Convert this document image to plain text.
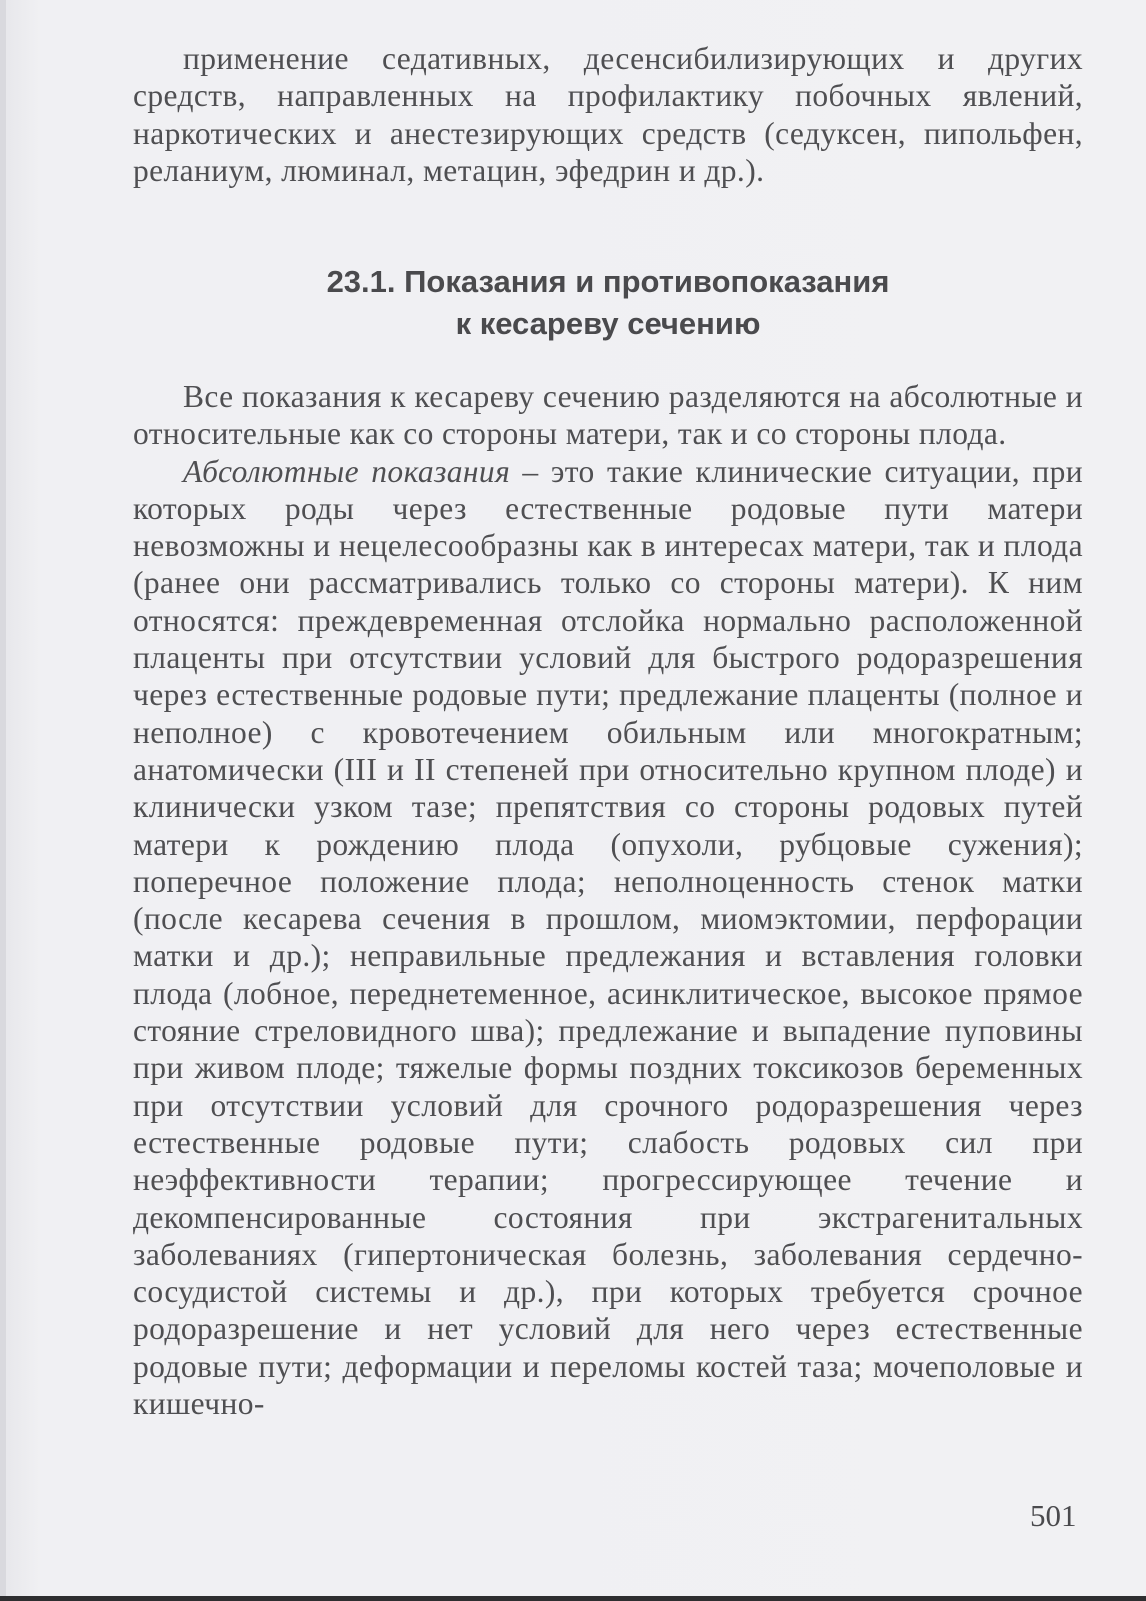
применение седативных, десенсибилизирующих и других средств, направленных на профилактику побочных явлений, наркотических и анестезирующих средств (седуксен, пипольфен, реланиум, люминал, метацин, эфедрин и др.).

23.1. Показания и противопоказания
к кесареву сечению

Все показания к кесареву сечению разделяются на абсолютные и относительные как со стороны матери, так и со стороны плода.

Абсолютные показания – это такие клинические ситуации, при которых роды через естественные родовые пути матери невозможны и нецелесообразны как в интересах матери, так и плода (ранее они рассматривались только со стороны матери). К ним относятся: преждевременная отслойка нормально расположенной плаценты при отсутствии условий для быстрого родоразрешения через естественные родовые пути; предлежание плаценты (полное и неполное) с кровотечением обильным или многократным; анатомически (III и II степеней при относительно крупном плоде) и клинически узком тазе; препятствия со стороны родовых путей матери к рождению плода (опухоли, рубцовые сужения); поперечное положение плода; неполноценность стенок матки (после кесарева сечения в прошлом, миомэктомии, перфорации матки и др.); неправильные предлежания и вставления головки плода (лобное, переднетеменное, асинклитическое, высокое прямое стояние стреловидного шва); предлежание и выпадение пуповины при живом плоде; тяжелые формы поздних токсикозов беременных при отсутствии условий для срочного родоразрешения через естественные родовые пути; слабость родовых сил при неэффективности терапии; прогрессирующее течение и декомпенсированные состояния при экстрагенитальных заболеваниях (гипертоническая болезнь, заболевания сердечно-сосудистой системы и др.), при которых требуется срочное родоразрешение и нет условий для него через естественные родовые пути; деформации и переломы костей таза; мочеполовые и кишечно-

501
